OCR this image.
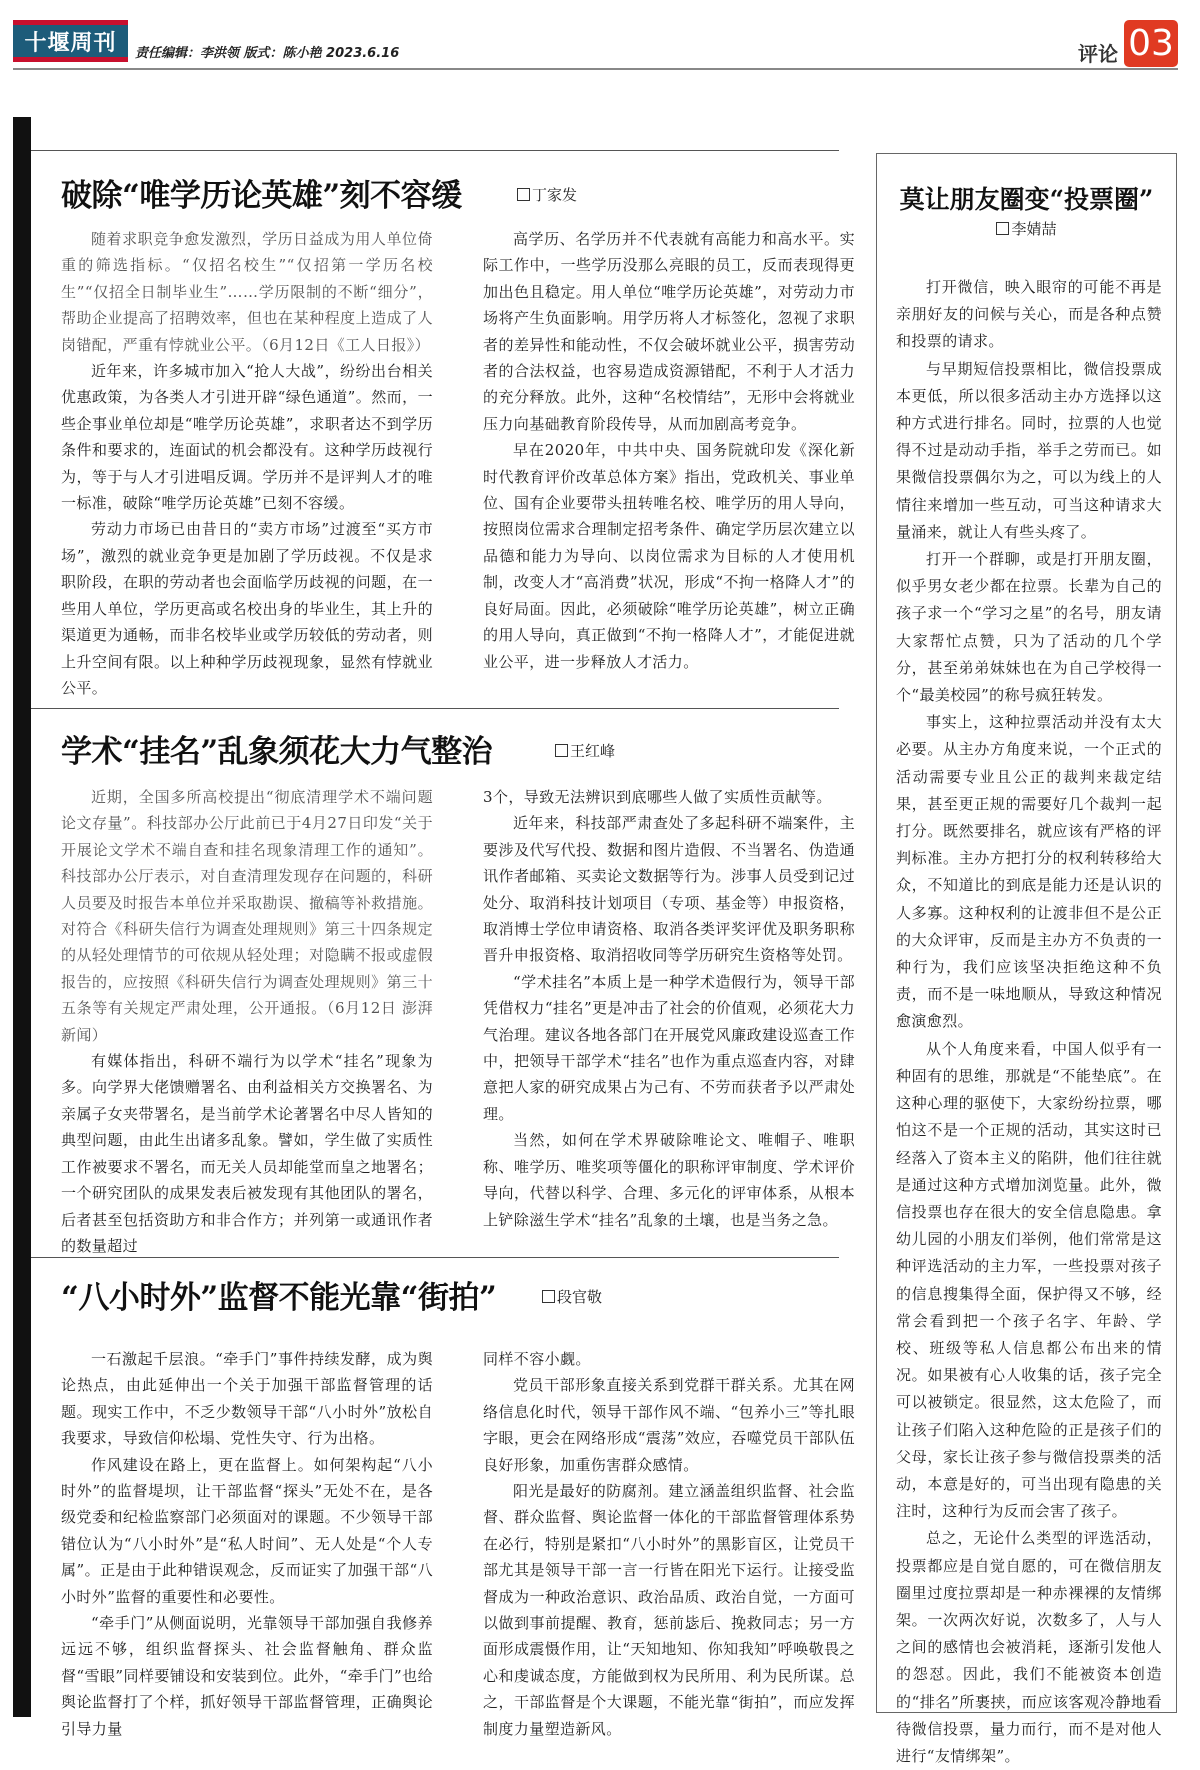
十堰周刊	责任编辑：李洪领 版式：陈小艳 2023.6.16	评论 03
破除“唯学历论英雄”刻不容缓	丁家发

随着求职竞争愈发激烈，学历日益成为用人单位倚重的筛选指标。“仅招名校生”“仅招第一学历名校生”“仅招全日制毕业生”……学历限制的不断“细分”，帮助企业提高了招聘效率，但也在某种程度上造成了人岗错配，严重有悖就业公平。（6月12日《工人日报》）

近年来，许多城市加入“抢人大战”，纷纷出台相关优惠政策，为各类人才引进开辟“绿色通道”。然而，一些企事业单位却是“唯学历论英雄”，求职者达不到学历条件和要求的，连面试的机会都没有。这种学历歧视行为，等于与人才引进唱反调。学历并不是评判人才的唯一标准，破除“唯学历论英雄”已刻不容缓。

劳动力市场已由昔日的“卖方市场”过渡至“买方市场”，激烈的就业竞争更是加剧了学历歧视。不仅是求职阶段，在职的劳动者也会面临学历歧视的问题，在一些用人单位，学历更高或名校出身的毕业生，其上升的渠道更为通畅，而非名校毕业或学历较低的劳动者，则上升空间有限。以上种种学历歧视现象，显然有悖就业公平。

高学历、名学历并不代表就有高能力和高水平。实际工作中，一些学历没那么亮眼的员工，反而表现得更加出色且稳定。用人单位“唯学历论英雄”，对劳动力市场将产生负面影响。用学历将人才标签化，忽视了求职者的差异性和能动性，不仅会破坏就业公平，损害劳动者的合法权益，也容易造成资源错配，不利于人才活力的充分释放。此外，这种“名校情结”，无形中会将就业压力向基础教育阶段传导，从而加剧高考竞争。

早在2020年，中共中央、国务院就印发《深化新时代教育评价改革总体方案》指出，党政机关、事业单位、国有企业要带头扭转唯名校、唯学历的用人导向，按照岗位需求合理制定招考条件、确定学历层次建立以品德和能力为导向、以岗位需求为目标的人才使用机制，改变人才“高消费”状况，形成“不拘一格降人才”的良好局面。因此，必须破除“唯学历论英雄”，树立正确的用人导向，真正做到“不拘一格降人才”，才能促进就业公平，进一步释放人才活力。

学术“挂名”乱象须花大力气整治	王红峰

近期，全国多所高校提出“彻底清理学术不端问题论文存量”。科技部办公厅此前已于4月27日印发“关于开展论文学术不端自查和挂名现象清理工作的通知”。科技部办公厅表示，对自查清理发现存在问题的，科研人员要及时报告本单位并采取勘误、撤稿等补救措施。对符合《科研失信行为调查处理规则》第三十四条规定的从轻处理情节的可依规从轻处理；对隐瞒不报或虚假报告的，应按照《科研失信行为调查处理规则》第三十五条等有关规定严肃处理，公开通报。（6月12日 澎湃新闻）

有媒体指出，科研不端行为以学术“挂名”现象为多。向学界大佬馈赠署名、由利益相关方交换署名、为亲属子女夹带署名，是当前学术论著署名中尽人皆知的典型问题，由此生出诸多乱象。譬如，学生做了实质性工作被要求不署名，而无关人员却能堂而皇之地署名；一个研究团队的成果发表后被发现有其他团队的署名，后者甚至包括资助方和非合作方；并列第一或通讯作者的数量超过

3个，导致无法辨识到底哪些人做了实质性贡献等。

近年来，科技部严肃查处了多起科研不端案件，主要涉及代写代投、数据和图片造假、不当署名、伪造通讯作者邮箱、买卖论文数据等行为。涉事人员受到记过处分、取消科技计划项目（专项、基金等）申报资格，取消博士学位申请资格、取消各类评奖评优及职务职称晋升申报资格、取消招收同等学历研究生资格等处罚。

“学术挂名”本质上是一种学术造假行为，领导干部凭借权力“挂名”更是冲击了社会的价值观，必须花大力气治理。建议各地各部门在开展党风廉政建设巡查工作中，把领导干部学术“挂名”也作为重点巡查内容，对肆意把人家的研究成果占为己有、不劳而获者予以严肃处理。

当然，如何在学术界破除唯论文、唯帽子、唯职称、唯学历、唯奖项等僵化的职称评审制度、学术评价导向，代替以科学、合理、多元化的评审体系，从根本上铲除滋生学术“挂名”乱象的土壤，也是当务之急。

“八小时外”监督不能光靠“街拍”	段官敬

一石激起千层浪。“牵手门”事件持续发酵，成为舆论热点，由此延伸出一个关于加强干部监督管理的话题。现实工作中，不乏少数领导干部“八小时外”放松自我要求，导致信仰松塌、党性失守、行为出格。

作风建设在路上，更在监督上。如何架构起“八小时外”的监督堤坝，让干部监督“探头”无处不在，是各级党委和纪检监察部门必须面对的课题。不少领导干部错位认为“八小时外”是“私人时间”、无人处是“个人专属”。正是由于此种错误观念，反而证实了加强干部“八小时外”监督的重要性和必要性。

“牵手门”从侧面说明，光靠领导干部加强自我修养远远不够，组织监督探头、社会监督触角、群众监督“雪眼”同样要铺设和安装到位。此外，“牵手门”也给舆论监督打了个样，抓好领导干部监督管理，正确舆论引导力量

同样不容小觑。

党员干部形象直接关系到党群干群关系。尤其在网络信息化时代，领导干部作风不端、“包养小三”等扎眼字眼，更会在网络形成“震荡”效应，吞噬党员干部队伍良好形象，加重伤害群众感情。

阳光是最好的防腐剂。建立涵盖组织监督、社会监督、群众监督、舆论监督一体化的干部监督管理体系势在必行，特别是紧扣“八小时外”的黑影盲区，让党员干部尤其是领导干部一言一行皆在阳光下运行。让接受监督成为一种政治意识、政治品质、政治自觉，一方面可以做到事前提醒、教育，惩前毖后、挽救同志；另一方面形成震慑作用，让“天知地知、你知我知”呼唤敬畏之心和虔诚态度，方能做到权为民所用、利为民所谋。总之，干部监督是个大课题，不能光靠“街拍”，而应发挥制度力量塑造新风。

莫让朋友圈变“投票圈”
李婧喆

打开微信，映入眼帘的可能不再是亲朋好友的问候与关心，而是各种点赞和投票的请求。

与早期短信投票相比，微信投票成本更低，所以很多活动主办方选择以这种方式进行排名。同时，拉票的人也觉得不过是动动手指，举手之劳而已。如果微信投票偶尔为之，可以为线上的人情往来增加一些互动，可当这种请求大量涌来，就让人有些头疼了。

打开一个群聊，或是打开朋友圈，似乎男女老少都在拉票。长辈为自己的孩子求一个“学习之星”的名号，朋友请大家帮忙点赞，只为了活动的几个学分，甚至弟弟妹妹也在为自己学校得一个“最美校园”的称号疯狂转发。

事实上，这种拉票活动并没有太大必要。从主办方角度来说，一个正式的活动需要专业且公正的裁判来裁定结果，甚至更正规的需要好几个裁判一起打分。既然要排名，就应该有严格的评判标准。主办方把打分的权利转移给大众，不知道比的到底是能力还是认识的人多寡。这种权利的让渡非但不是公正的大众评审，反而是主办方不负责的一种行为，我们应该坚决拒绝这种不负责，而不是一味地顺从，导致这种情况愈演愈烈。

从个人角度来看，中国人似乎有一种固有的思维，那就是“不能垫底”。在这种心理的驱使下，大家纷纷拉票，哪怕这不是一个正规的活动，其实这时已经落入了资本主义的陷阱，他们往往就是通过这种方式增加浏览量。此外，微信投票也存在很大的安全信息隐患。拿幼儿园的小朋友们举例，他们常常是这种评选活动的主力军，一些投票对孩子的信息搜集得全面，保护得又不够，经常会看到把一个孩子名字、年龄、学校、班级等私人信息都公布出来的情况。如果被有心人收集的话，孩子完全可以被锁定。很显然，这太危险了，而让孩子们陷入这种危险的正是孩子们的父母，家长让孩子参与微信投票类的活动，本意是好的，可当出现有隐患的关注时，这种行为反而会害了孩子。

总之，无论什么类型的评选活动，投票都应是自觉自愿的，可在微信朋友圈里过度拉票却是一种赤裸裸的友情绑架。一次两次好说，次数多了，人与人之间的感情也会被消耗，逐渐引发他人的怨怼。因此，我们不能被资本创造的“排名”所裹挟，而应该客观冷静地看待微信投票，量力而行，而不是对他人进行“友情绑架”。
